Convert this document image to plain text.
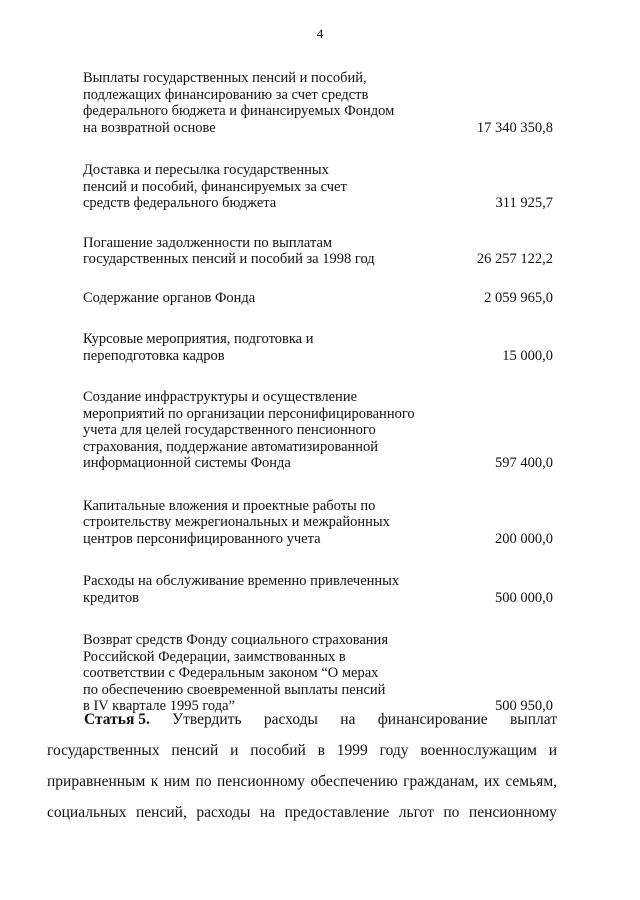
4
Выплаты государственных пенсий и пособий,
подлежащих финансированию за счет средств
федерального бюджета и финансируемых Фондом
на возвратной основе	17 340 350,8
Доставка и пересылка государственных
пенсий и пособий, финансируемых за счет
средств федерального бюджета	311 925,7
Погашение задолженности по выплатам
государственных пенсий и пособий за 1998 год	26 257 122,2
Содержание органов Фонда	2 059 965,0
Курсовые мероприятия, подготовка и
переподготовка кадров	15 000,0
Создание инфраструктуры и осуществление
мероприятий по организации персонифицированного
учета для целей государственного пенсионного
страхования, поддержание автоматизированной
информационной системы Фонда	597 400,0
Капитальные вложения и проектные работы по
строительству межрегиональных и межрайонных
центров персонифицированного учета	200 000,0
Расходы на обслуживание временно привлеченных
кредитов	500 000,0
Возврат средств Фонду социального страхования
Российской Федерации, заимствованных в
соответствии с Федеральным законом “О мерах
по обеспечению своевременной выплаты пенсий
в IV квартале 1995 года”	500 950,0
Статья 5. Утвердить расходы на финансирование выплат
государственных пенсий и пособий в 1999 году военнослужащим и
приравненным к ним по пенсионному обеспечению гражданам, их семьям,
социальных пенсий, расходы на предоставление льгот по пенсионному
